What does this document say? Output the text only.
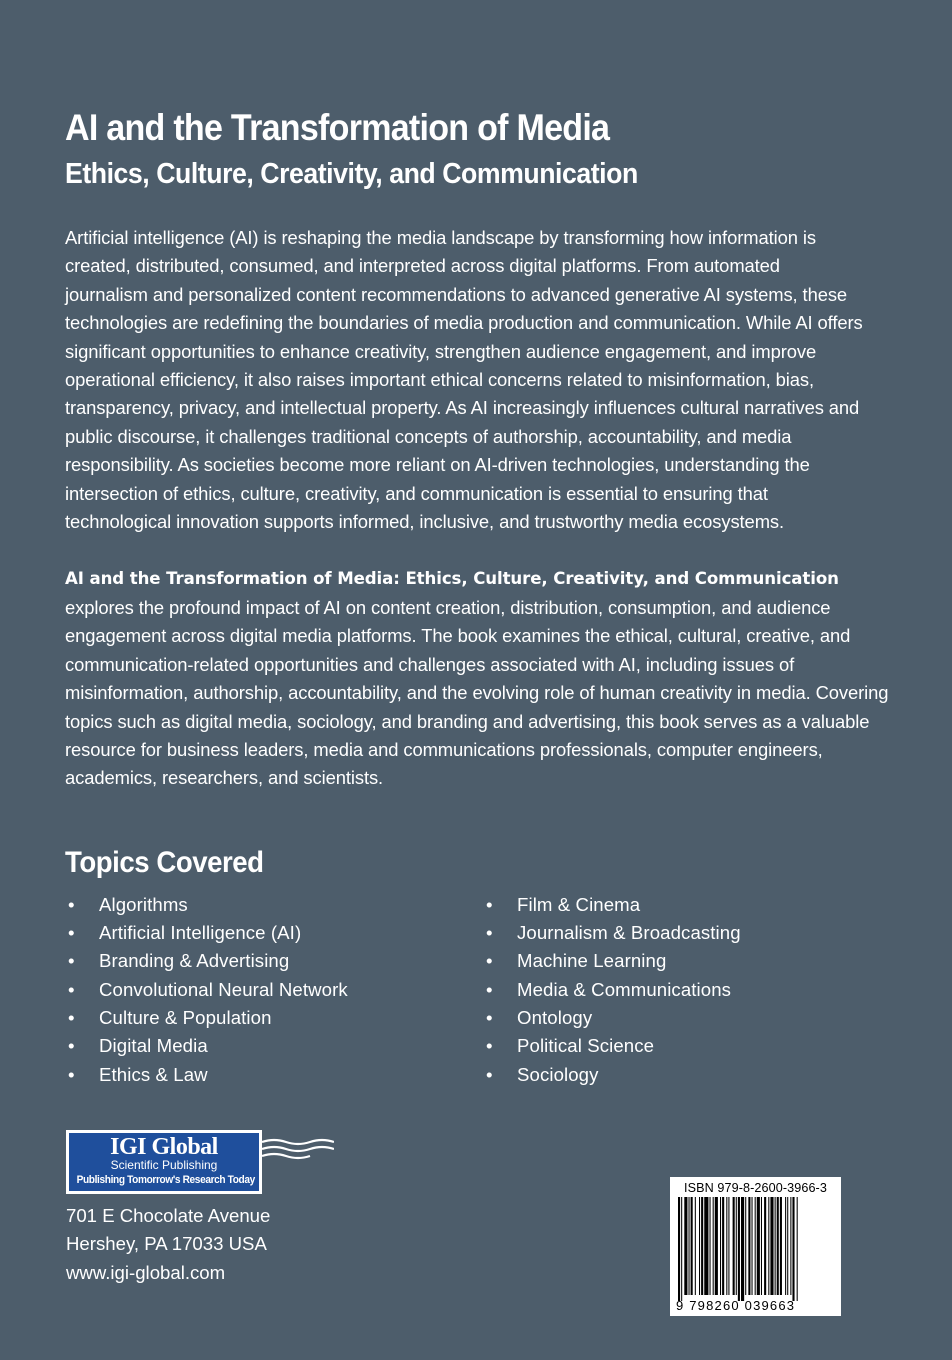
AI and the Transformation of Media
Ethics, Culture, Creativity, and Communication

Artificial intelligence (AI) is reshaping the media landscape by transforming how information is created, distributed, consumed, and interpreted across digital platforms. From automated journalism and personalized content recommendations to advanced generative AI systems, these technologies are redefining the boundaries of media production and communication. While AI offers significant opportunities to enhance creativity, strengthen audience engagement, and improve operational efficiency, it also raises important ethical concerns related to misinformation, bias, transparency, privacy, and intellectual property. As AI increasingly influences cultural narratives and public discourse, it challenges traditional concepts of authorship, accountability, and media responsibility. As societies become more reliant on AI-driven technologies, understanding the intersection of ethics, culture, creativity, and communication is essential to ensuring that technological innovation supports informed, inclusive, and trustworthy media ecosystems.

AI and the Transformation of Media: Ethics, Culture, Creativity, and Communication explores the profound impact of AI on content creation, distribution, consumption, and audience engagement across digital media platforms. The book examines the ethical, cultural, creative, and communication-related opportunities and challenges associated with AI, including issues of misinformation, authorship, accountability, and the evolving role of human creativity in media. Covering topics such as digital media, sociology, and branding and advertising, this book serves as a valuable resource for business leaders, media and communications professionals, computer engineers, academics, researchers, and scientists.

Topics Covered
• Algorithms
• Artificial Intelligence (AI)
• Branding & Advertising
• Convolutional Neural Network
• Culture & Population
• Digital Media
• Ethics & Law
• Film & Cinema
• Journalism & Broadcasting
• Machine Learning
• Media & Communications
• Ontology
• Political Science
• Sociology
IGI Global
Scientific Publishing
Publishing Tomorrow's Research Today
701 E Chocolate Avenue
Hershey, PA 17033 USA
www.igi-global.com
ISBN 979-8-2600-3966-3
9 798260 039663
